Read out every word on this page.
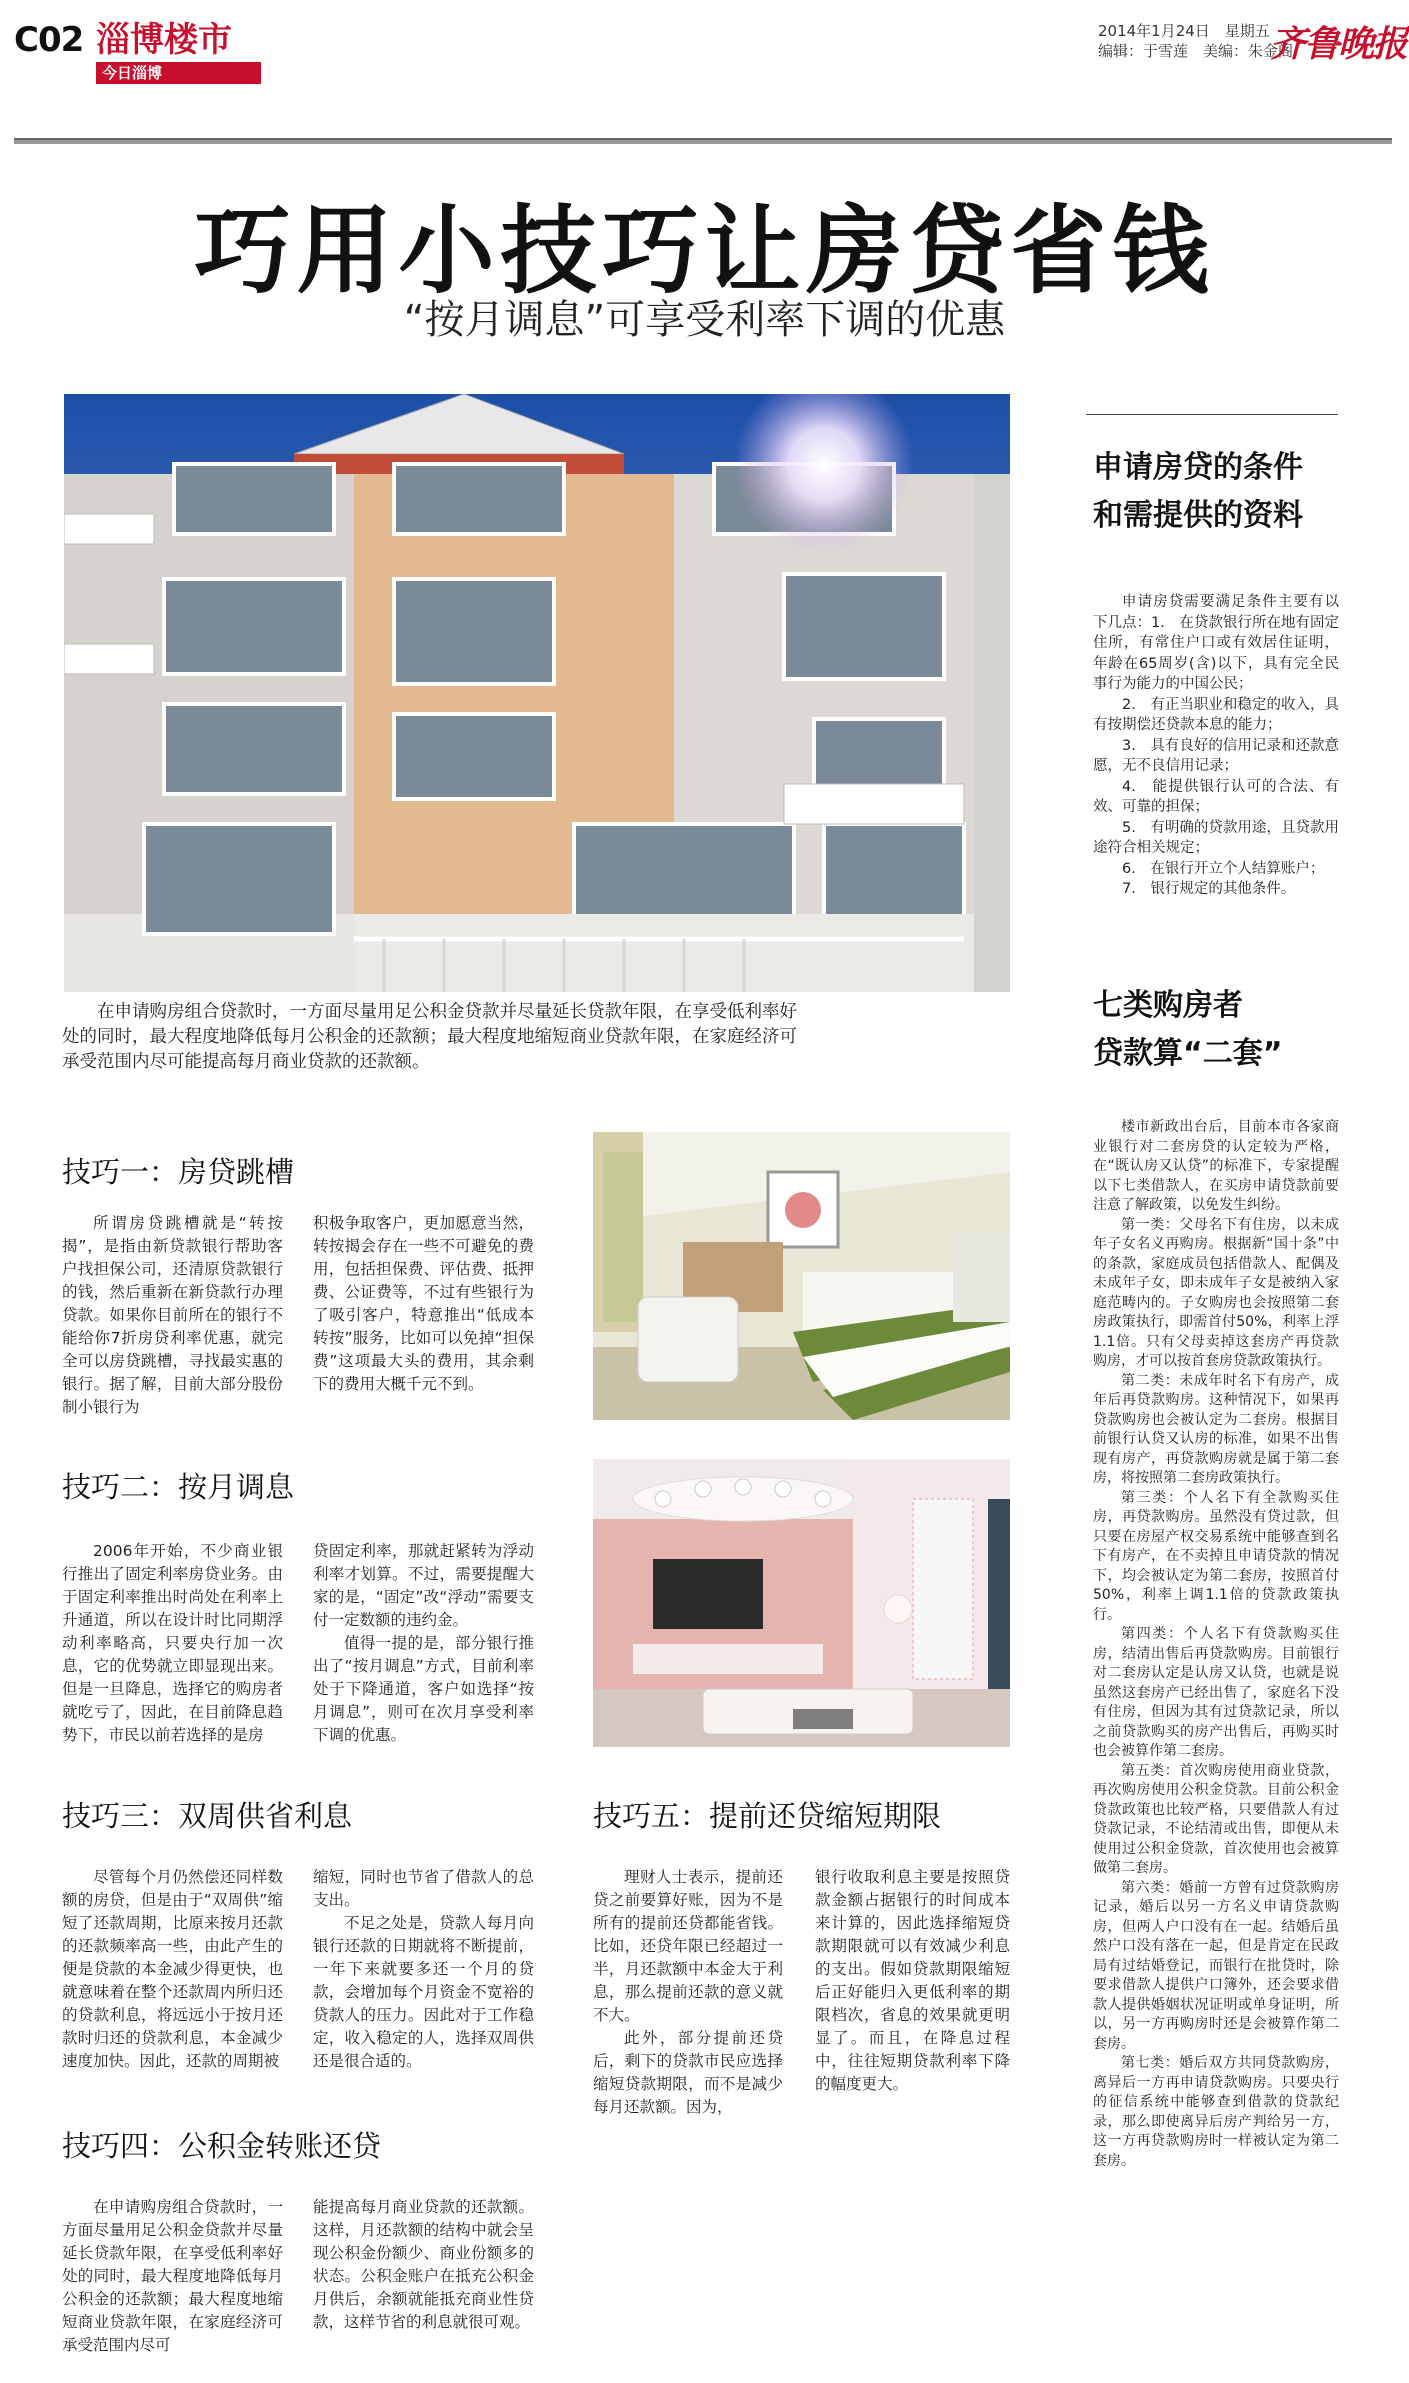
C02 淄博楼市
今日淄博
2014年1月24日　星期五
编辑：于雪莲　美编：朱金阁
齐鲁晚报
巧用小技巧让房贷省钱
“按月调息”可享受利率下调的优惠
在申请购房组合贷款时，一方面尽量用足公积金贷款并尽量延长贷款年限，在享受低利率好处的同时，最大程度地降低每月公积金的还款额；最大程度地缩短商业贷款年限，在家庭经济可承受范围内尽可能提高每月商业贷款的还款额。
技巧一：房贷跳槽

所谓房贷跳槽就是“转按揭”，是指由新贷款银行帮助客户找担保公司，还清原贷款银行的钱，然后重新在新贷款行办理贷款。如果你目前所在的银行不能给你7折房贷利率优惠，就完全可以房贷跳槽，寻找最实惠的银行。据了解，目前大部分股份制小银行为

积极争取客户，更加愿意当然，转按揭会存在一些不可避免的费用，包括担保费、评估费、抵押费、公证费等，不过有些银行为了吸引客户，特意推出“低成本转按”服务，比如可以免掉“担保费”这项最大头的费用，其余剩下的费用大概千元不到。

技巧二：按月调息

2006年开始，不少商业银行推出了固定利率房贷业务。由于固定利率推出时尚处在利率上升通道，所以在设计时比同期浮动利率略高，只要央行加一次息，它的优势就立即显现出来。但是一旦降息，选择它的购房者就吃亏了，因此，在目前降息趋势下，市民以前若选择的是房

贷固定利率，那就赶紧转为浮动利率才划算。不过，需要提醒大家的是，“固定”改“浮动”需要支付一定数额的违约金。

值得一提的是，部分银行推出了“按月调息”方式，目前利率处于下降通道，客户如选择“按月调息”，则可在次月享受利率下调的优惠。

技巧三：双周供省利息

尽管每个月仍然偿还同样数额的房贷，但是由于“双周供”缩短了还款周期，比原来按月还款的还款频率高一些，由此产生的便是贷款的本金减少得更快，也就意味着在整个还款周内所归还的贷款利息，将远远小于按月还款时归还的贷款利息，本金减少速度加快。因此，还款的周期被

缩短，同时也节省了借款人的总支出。

不足之处是，贷款人每月向银行还款的日期就将不断提前，一年下来就要多还一个月的贷款，会增加每个月资金不宽裕的贷款人的压力。因此对于工作稳定，收入稳定的人，选择双周供还是很合适的。

技巧四：公积金转账还贷

在申请购房组合贷款时，一方面尽量用足公积金贷款并尽量延长贷款年限，在享受低利率好处的同时，最大程度地降低每月公积金的还款额；最大程度地缩短商业贷款年限，在家庭经济可承受范围内尽可

能提高每月商业贷款的还款额。这样，月还款额的结构中就会呈现公积金份额少、商业份额多的状态。公积金账户在抵充公积金月供后，余额就能抵充商业性贷款，这样节省的利息就很可观。

技巧五：提前还贷缩短期限

理财人士表示，提前还贷之前要算好账，因为不是所有的提前还贷都能省钱。比如，还贷年限已经超过一半，月还款额中本金大于利息，那么提前还款的意义就不大。

此外，部分提前还贷后，剩下的贷款市民应选择缩短贷款期限，而不是减少每月还款额。因为，

银行收取利息主要是按照贷款金额占据银行的时间成本来计算的，因此选择缩短贷款期限就可以有效减少利息的支出。假如贷款期限缩短后正好能归入更低利率的期限档次，省息的效果就更明显了。而且，在降息过程中，往往短期贷款利率下降的幅度更大。

申请房贷的条件
和需提供的资料

申请房贷需要满足条件主要有以下几点：1.　在贷款银行所在地有固定住所，有常住户口或有效居住证明，年龄在65周岁(含)以下，具有完全民事行为能力的中国公民；

2.　有正当职业和稳定的收入，具有按期偿还贷款本息的能力；

3.　具有良好的信用记录和还款意愿，无不良信用记录；

4.　能提供银行认可的合法、有效、可靠的担保；

5.　有明确的贷款用途，且贷款用途符合相关规定；

6.　在银行开立个人结算账户；

7.　银行规定的其他条件。

七类购房者
贷款算“二套”

楼市新政出台后，目前本市各家商业银行对二套房贷的认定较为严格，在“既认房又认贷”的标准下，专家提醒以下七类借款人，在买房申请贷款前要注意了解政策，以免发生纠纷。

第一类：父母名下有住房，以未成年子女名义再购房。根据新“国十条”中的条款，家庭成员包括借款人、配偶及未成年子女，即未成年子女是被纳入家庭范畴内的。子女购房也会按照第二套房政策执行，即需首付50%，利率上浮1.1倍。只有父母卖掉这套房产再贷款购房，才可以按首套房贷款政策执行。

第二类：未成年时名下有房产，成年后再贷款购房。这种情况下，如果再贷款购房也会被认定为二套房。根据目前银行认贷又认房的标准，如果不出售现有房产，再贷款购房就是属于第二套房，将按照第二套房政策执行。

第三类：个人名下有全款购买住房，再贷款购房。虽然没有贷过款，但只要在房屋产权交易系统中能够查到名下有房产，在不卖掉且申请贷款的情况下，均会被认定为第二套房，按照首付50%，利率上调1.1倍的贷款政策执行。

第四类：个人名下有贷款购买住房，结清出售后再贷款购房。目前银行对二套房认定是认房又认贷，也就是说虽然这套房产已经出售了，家庭名下没有住房，但因为其有过贷款记录，所以之前贷款购买的房产出售后，再购买时也会被算作第二套房。

第五类：首次购房使用商业贷款，再次购房使用公积金贷款。目前公积金贷款政策也比较严格，只要借款人有过贷款记录，不论结清或出售，即便从未使用过公积金贷款，首次使用也会被算做第二套房。

第六类：婚前一方曾有过贷款购房记录，婚后以另一方名义申请贷款购房，但两人户口没有在一起。结婚后虽然户口没有落在一起，但是肯定在民政局有过结婚登记，而银行在批贷时，除要求借款人提供户口簿外，还会要求借款人提供婚姻状况证明或单身证明，所以，另一方再购房时还是会被算作第二套房。

第七类：婚后双方共同贷款购房，离异后一方再申请贷款购房。只要央行的征信系统中能够查到借款的贷款纪录，那么即使离异后房产判给另一方，这一方再贷款购房时一样被认定为第二套房。
